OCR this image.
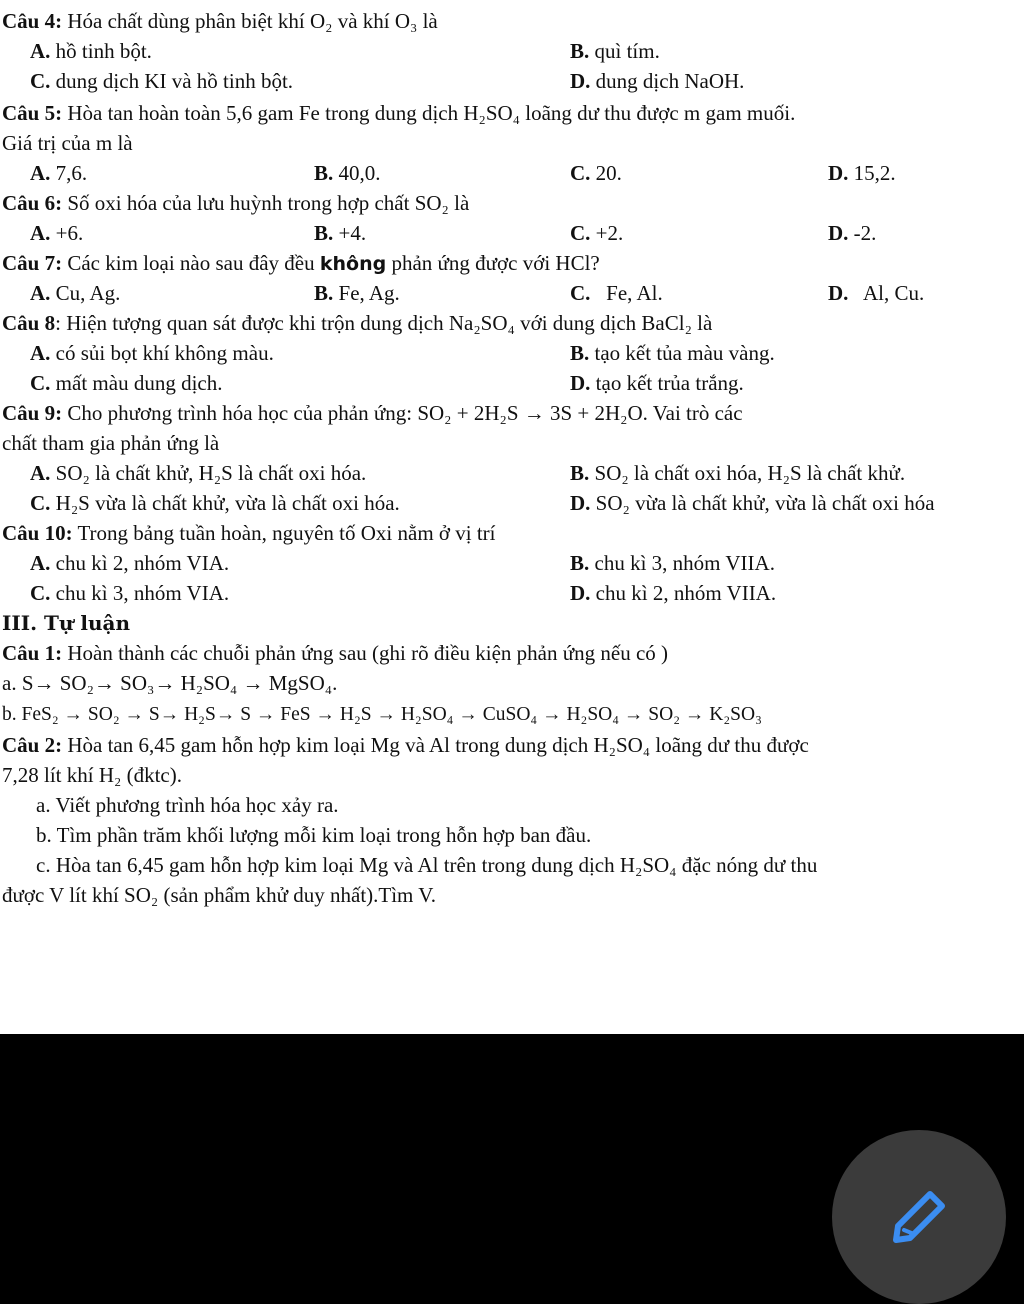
Câu 4: Hóa chất dùng phân biệt khí O₂ và khí O₃ là
A. hồ tinh bột.	B. quì tím.
C. dung dịch KI và hồ tinh bột.	D. dung dịch NaOH.
Câu 5: Hòa tan hoàn toàn 5,6 gam Fe trong dung dịch H₂SO₄ loãng dư thu được m gam muối.
Giá trị của m là
A. 7,6.	B. 40,0.	C. 20.	D. 15,2.
Câu 6: Số oxi hóa của lưu huỳnh trong hợp chất SO₂ là
A. +6.	B. +4.	C. +2.	D. -2.
Câu 7: Các kim loại nào sau đây đều không phản ứng được với HCl?
A. Cu, Ag.	B. Fe, Ag.	C. Fe, Al.	D. Al, Cu.
Câu 8: Hiện tượng quan sát được khi trộn dung dịch Na₂SO₄ với dung dịch BaCl₂ là
A. có sủi bọt khí không màu.	B. tạo kết tủa màu vàng.
C. mất màu dung dịch.	D. tạo kết trủa trắng.
Câu 9: Cho phương trình hóa học của phản ứng: SO₂ + 2H₂S → 3S + 2H₂O. Vai trò các
chất tham gia phản ứng là
A. SO₂ là chất khử, H₂S là chất oxi hóa.	B. SO₂ là chất oxi hóa, H₂S là chất khử.
C. H₂S vừa là chất khử, vừa là chất oxi hóa.	D. SO₂ vừa là chất khử, vừa là chất oxi hóa
Câu 10: Trong bảng tuần hoàn, nguyên tố Oxi nằm ở vị trí
A. chu kì 2, nhóm VIA.	B. chu kì 3, nhóm VIIA.
C. chu kì 3, nhóm VIA.	D. chu kì 2, nhóm VIIA.
III. Tự luận
Câu 1: Hoàn thành các chuỗi phản ứng sau (ghi rõ điều kiện phản ứng nếu có )
a. S→ SO₂→ SO₃→ H₂SO₄ → MgSO₄.
b. FeS₂ → SO₂ → S→ H₂S→ S → FeS → H₂S → H₂SO₄ → CuSO₄ → H₂SO₄ → SO₂ → K₂SO₃
Câu 2: Hòa tan 6,45 gam hỗn hợp kim loại Mg và Al trong dung dịch H₂SO₄ loãng dư thu được
7,28 lít khí H₂ (đktc).
a. Viết phương trình hóa học xảy ra.
b. Tìm phần trăm khối lượng mỗi kim loại trong hỗn hợp ban đầu.
c. Hòa tan 6,45 gam hỗn hợp kim loại Mg và Al trên trong dung dịch H₂SO₄ đặc nóng dư thu
được V lít khí SO₂ (sản phẩm khử duy nhất).Tìm V.
